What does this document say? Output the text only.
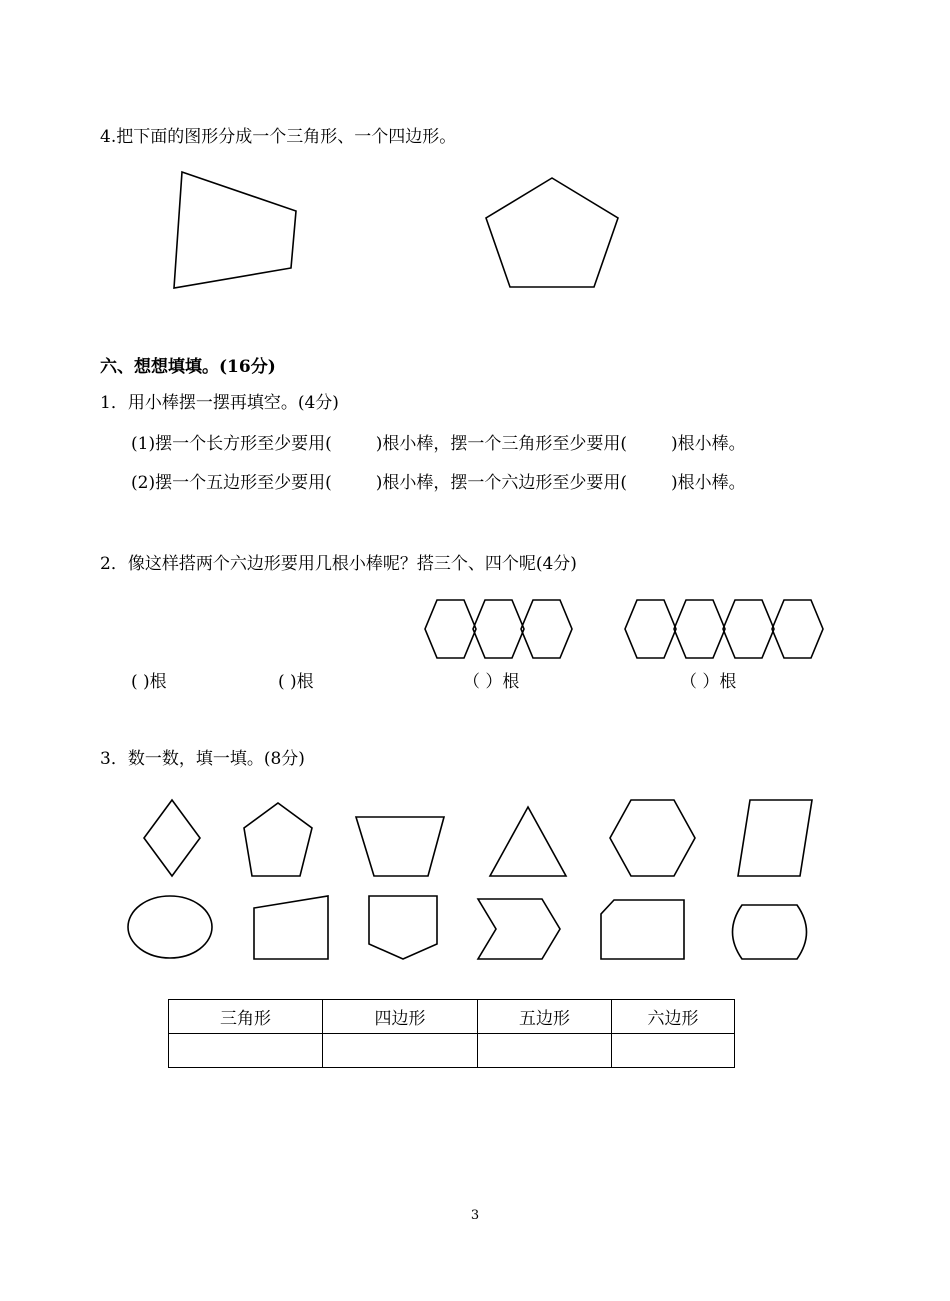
4.把下面的图形分成一个三角形、一个四边形。
六、想想填填。(16分)
1．用小棒摆一摆再填空。(4分)
(1)摆一个长方形至少要用(	)根小棒，摆一个三角形至少要用(	)根小棒。
(2)摆一个五边形至少要用(	)根小棒，摆一个六边形至少要用(	)根小棒。
2．像这样搭两个六边形要用几根小棒呢？搭三个、四个呢(4分)
( )根	( )根	（ ）根	（ ）根
3．数一数，填一填。(8分)
三角形	四边形	五边形	六边形

3
